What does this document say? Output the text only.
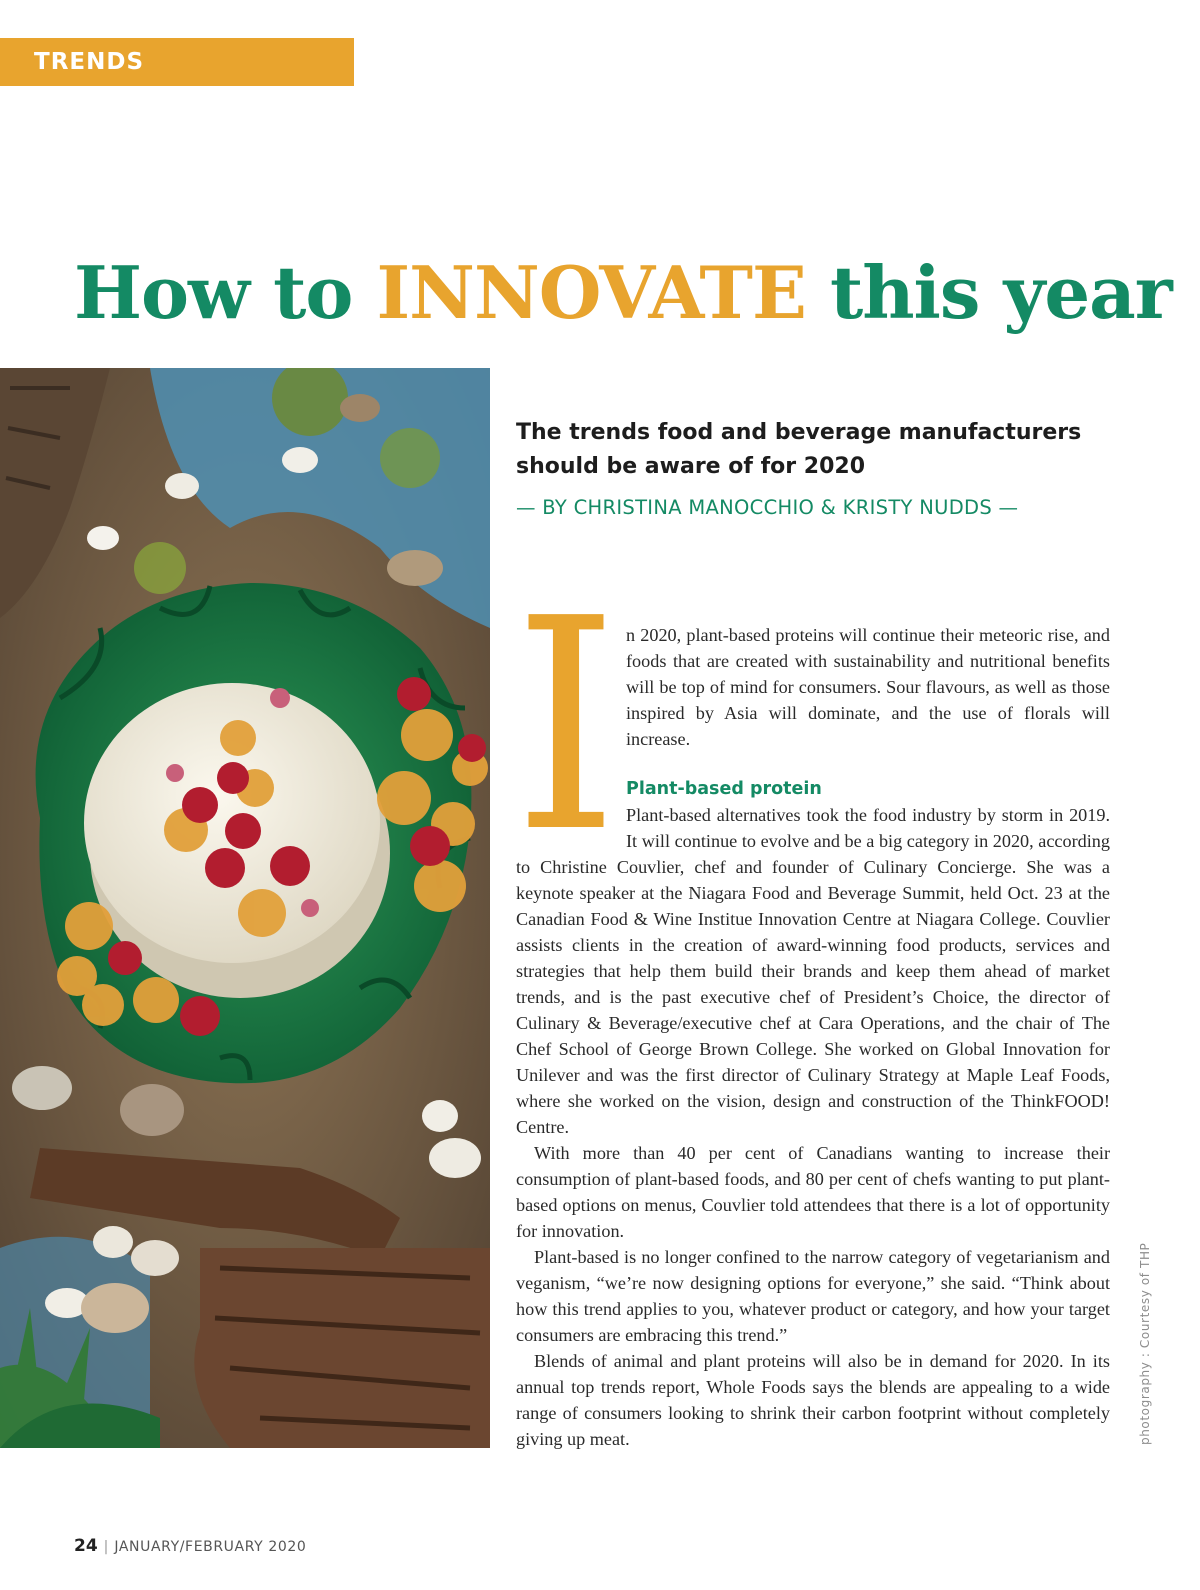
TRENDS
How to INNOVATE this year
The trends food and beverage manufacturers should be aware of for 2020

— BY CHRISTINA MANOCCHIO & KRISTY NUDDS —

I n 2020, plant-based proteins will continue their meteoric rise, and foods that are created with sustainability and nutritional benefits will be top of mind for consumers. Sour flavours, as well as those inspired by Asia will dominate, and the use of florals will increase.

Plant-based protein

Plant-based alternatives took the food industry by storm in 2019. It will continue to evolve and be a big category in 2020, according to Christine Couvlier, chef and founder of Culinary Concierge. She was a keynote speaker at the Niagara Food and Beverage Summit, held Oct. 23 at the Canadian Food & Wine Institue Innovation Centre at Niagara College. Couvlier assists clients in the creation of award-winning food products, services and strategies that help them build their brands and keep them ahead of market trends, and is the past executive chef of President’s Choice, the director of Culinary & Beverage/executive chef at Cara Operations, and the chair of The Chef School of George Brown College. She worked on Global Innovation for Unilever and was the first director of Culinary Strategy at Maple Leaf Foods, where she worked on the vision, design and construction of the ThinkFOOD! Centre.

With more than 40 per cent of Canadians wanting to increase their consumption of plant-based foods, and 80 per cent of chefs wanting to put plant-based options on menus, Couvlier told attendees that there is a lot of opportunity for innovation.

Plant-based is no longer confined to the narrow category of vegetarianism and veganism, “we’re now designing options for everyone,” she said. “Think about how this trend applies to you, whatever product or category, and how your target consumers are embracing this trend.”

Blends of animal and plant proteins will also be in demand for 2020. In its annual top trends report, Whole Foods says the blends are appealing to a wide range of consumers looking to shrink their carbon footprint without completely giving up meat.	photography : Courtesy of THP
24 | JANUARY/FEBRUARY 2020
